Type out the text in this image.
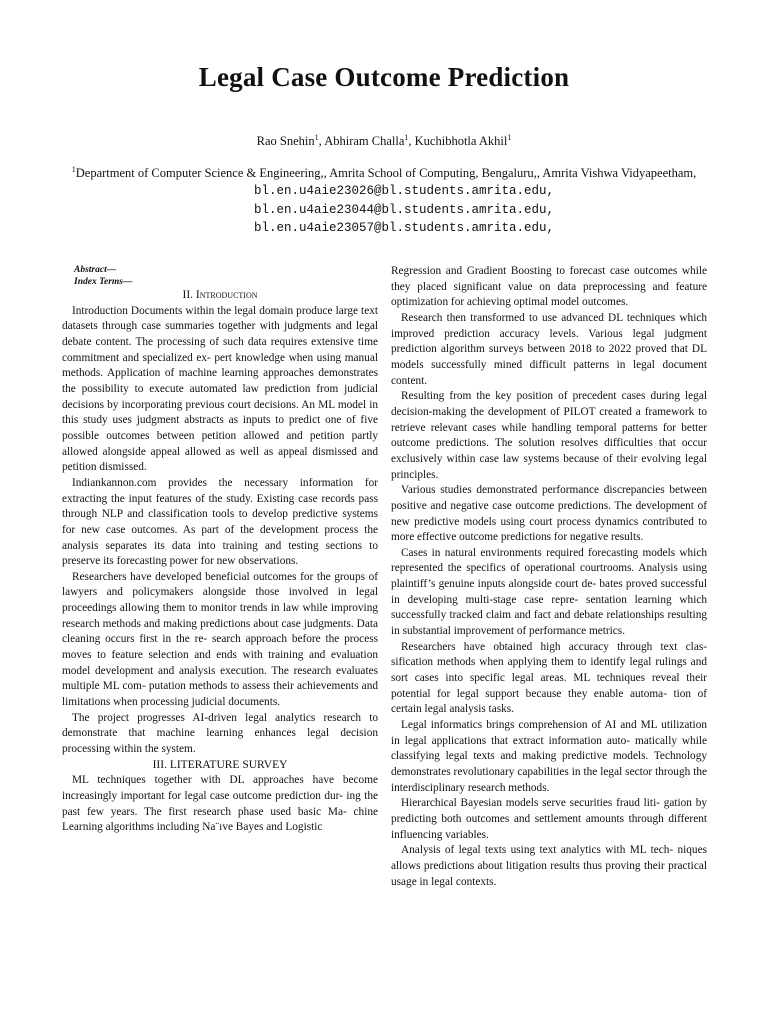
Legal Case Outcome Prediction
Rao Snehin$^1$, Abhiram Challa$^1$, Kuchibhotla Akhil$^1$
$^1$Department of Computer Science & Engineering,, Amrita School of Computing, Bengaluru,, Amrita Vishwa Vidyapeetham,
bl.en.u4aie23026@bl.students.amrita.edu,
bl.en.u4aie23044@bl.students.amrita.edu,
bl.en.u4aie23057@bl.students.amrita.edu,
Abstract—
Index Terms—

II. Introduction

Introduction Documents within the legal domain produce large text datasets through case summaries together with judgments and legal debate content. The processing of such data requires extensive time commitment and specialized ex- pert knowledge when using manual methods. Application of machine learning approaches demonstrates the possibility to execute automated law prediction from judicial decisions by incorporating previous court decisions. An ML model in this study uses judgment abstracts as inputs to predict one of five possible outcomes between petition allowed and petition partly allowed alongside appeal allowed as well as appeal dismissed and petition dismissed.

Indiankannon.com provides the necessary information for extracting the input features of the study. Existing case records pass through NLP and classification tools to develop predictive systems for new case outcomes. As part of the development process the analysis separates its data into training and testing sections to preserve its forecasting power for new observations.

Researchers have developed beneficial outcomes for the groups of lawyers and policymakers alongside those involved in legal proceedings allowing them to monitor trends in law while improving research methods and making predictions about case judgments. Data cleaning occurs first in the re- search approach before the process moves to feature selection and ends with training and evaluation model development and analysis execution. The research evaluates multiple ML com- putation methods to assess their achievements and limitations when processing judicial documents.

The project progresses AI-driven legal analytics research to demonstrate that machine learning enhances legal decision processing within the system.

III. LITERATURE SURVEY

ML techniques together with DL approaches have become increasingly important for legal case outcome prediction dur- ing the past few years. The first research phase used basic Ma- chine Learning algorithms including Na¨ıve Bayes and Logistic

Regression and Gradient Boosting to forecast case outcomes while they placed significant value on data preprocessing and feature optimization for achieving optimal model outcomes.

Research then transformed to use advanced DL techniques which improved prediction accuracy levels. Various legal judgment prediction algorithm surveys between 2018 to 2022 proved that DL models successfully mined difficult patterns in legal document content.

Resulting from the key position of precedent cases during legal decision-making the development of PILOT created a framework to retrieve relevant cases while handling temporal patterns for better outcome predictions. The solution resolves difficulties that occur exclusively within case law systems because of their evolving legal principles.

Various studies demonstrated performance discrepancies between positive and negative case outcome predictions. The development of new predictive models using court process dynamics contributed to more effective outcome predictions for negative results.

Cases in natural environments required forecasting models which represented the specifics of operational courtrooms. Analysis using plaintiff’s genuine inputs alongside court de- bates proved successful in developing multi-stage case repre- sentation learning which successfully tracked claim and fact and debate relationships resulting in substantial improvement of performance metrics.

Researchers have obtained high accuracy through text clas- sification methods when applying them to identify legal rulings and sort cases into specific legal areas. ML techniques reveal their potential for legal support because they enable automa- tion of certain legal analysis tasks.

Legal informatics brings comprehension of AI and ML utilization in legal applications that extract information auto- matically while classifying legal texts and making predictive models. Technology demonstrates revolutionary capabilities in the legal sector through the interdisciplinary research methods.

Hierarchical Bayesian models serve securities fraud liti- gation by predicting both outcomes and settlement amounts through different influencing variables.

Analysis of legal texts using text analytics with ML tech- niques allows predictions about litigation results thus proving their practical usage in legal contexts.
